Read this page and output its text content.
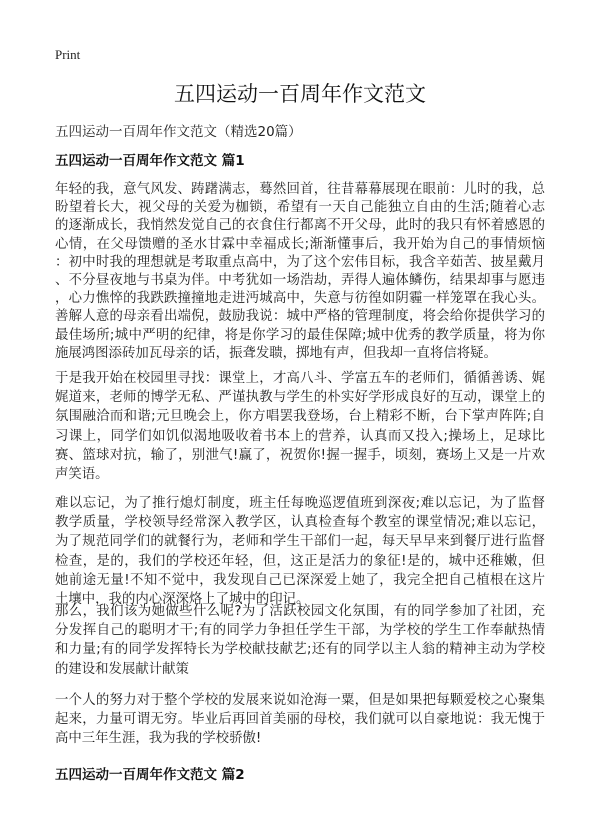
Print
五四运动一百周年作文范文
五四运动一百周年作文范文（精选20篇）
五四运动一百周年作文范文 篇1
年轻的我，意气风发、踌躇满志，蓦然回首，往昔幕幕展现在眼前：儿时的我，总
盼望着长大，视父母的关爱为枷锁，希望有一天自己能独立自由的生活;随着心志
的逐渐成长，我悄然发觉自己的衣食住行都离不开父母，此时的我只有怀着感恩的
心情，在父母馈赠的圣水甘霖中幸福成长;渐渐懂事后，我开始为自己的事情烦恼
：初中时我的理想就是考取重点高中，为了这个宏伟目标，我含辛茹苦、披星戴月
、不分昼夜地与书桌为伴。中考犹如一场浩劫，弄得人遍体鳞伤，结果却事与愿违
，心力憔悴的我跌跌撞撞地走进沔城高中，失意与彷徨如阴霾一样笼罩在我心头。
善解人意的母亲看出端倪，鼓励我说：城中严格的管理制度，将会给你提供学习的
最佳场所;城中严明的纪律，将是你学习的最佳保障;城中优秀的教学质量，将为你
施展鸿图添砖加瓦母亲的话，振聋发聩，掷地有声，但我却一直将信将疑。
于是我开始在校园里寻找：课堂上，才高八斗、学富五车的老师们，循循善诱、娓
娓道来，老师的博学无私、严谨执教与学生的朴实好学形成良好的互动，课堂上的
氛围融洽而和谐;元旦晚会上，你方唱罢我登场，台上精彩不断，台下掌声阵阵;自
习课上，同学们如饥似渴地吸收着书本上的营养，认真而又投入;操场上，足球比
赛、篮球对抗，输了，别泄气!赢了，祝贺你!握一握手，顷刻，赛场上又是一片欢
声笑语。
难以忘记，为了推行熄灯制度，班主任每晚巡逻值班到深夜;难以忘记，为了监督
教学质量，学校领导经常深入教学区，认真检查每个教室的课堂情况;难以忘记，
为了规范同学们的就餐行为，老师和学生干部们一起，每天早早来到餐厅进行监督
检查，是的，我们的学校还年轻，但，这正是活力的象征!是的，城中还稚嫩，但
她前途无量!不知不觉中，我发现自己已深深爱上她了，我完全把自己植根在这片
土壤中，我的内心深深烙上了城中的印记。
那么，我们该为她做些什么呢?为了活跃校园文化氛围，有的同学参加了社团，充
分发挥自己的聪明才干;有的同学力争担任学生干部，为学校的学生工作奉献热情
和力量;有的同学发挥特长为学校献技献艺;还有的同学以主人翁的精神主动为学校
的建设和发展献计献策
一个人的努力对于整个学校的发展来说如沧海一粟，但是如果把每颗爱校之心聚集
起来，力量可谓无穷。毕业后再回首美丽的母校，我们就可以自豪地说：我无愧于
高中三年生涯，我为我的学校骄傲!
五四运动一百周年作文范文 篇2
